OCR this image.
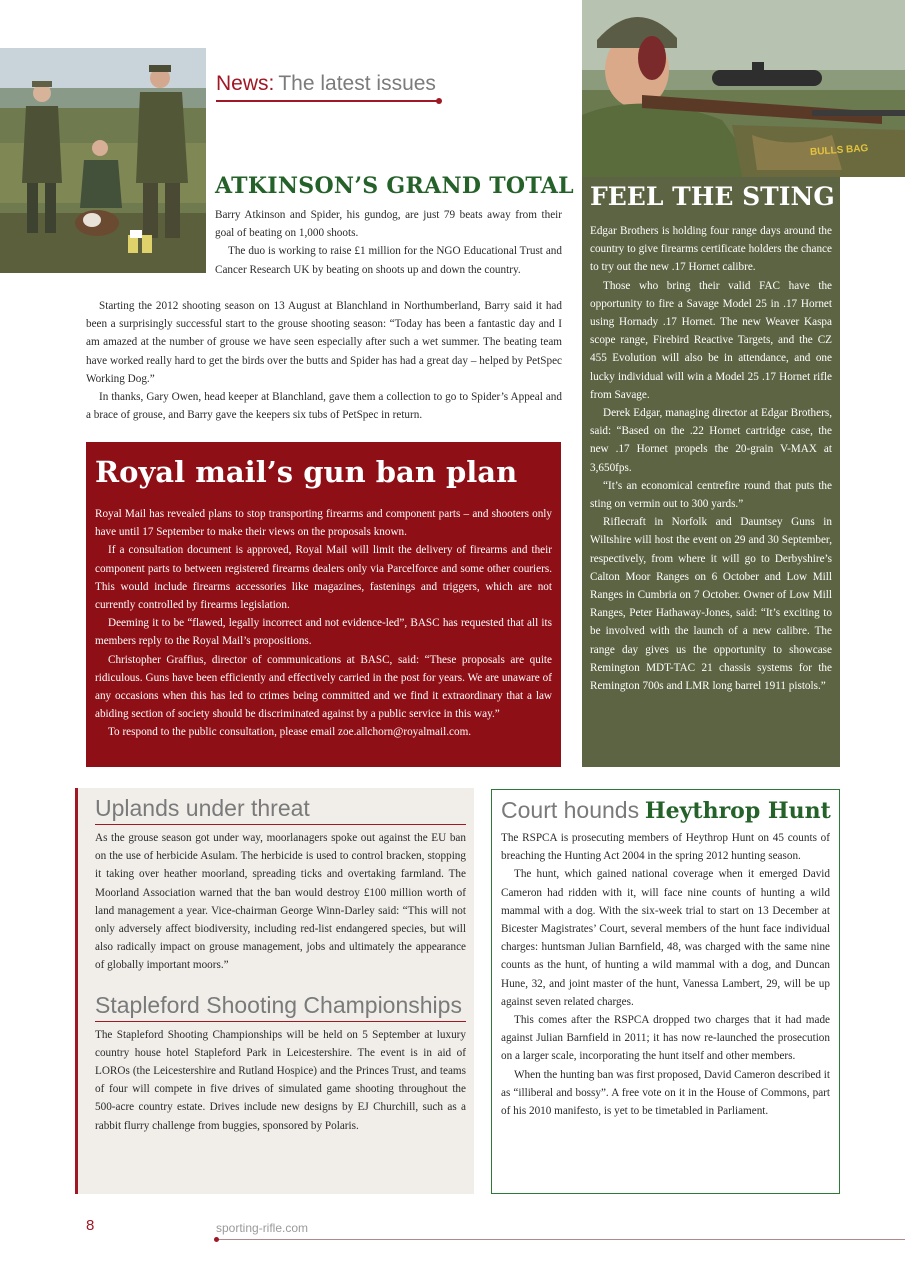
BULLS BAG
News: The latest issues
ATKINSON’S GRAND TOTAL

Barry Atkinson and Spider, his gundog, are just 79 beats away from their goal of beating on 1,000 shoots.

The duo is working to raise £1 million for the NGO Educational Trust and Cancer Research UK by beating on shoots up and down the country.

Starting the 2012 shooting season on 13 August at Blanchland in Northumberland, Barry said it had been a surprisingly successful start to the grouse shooting season: “Today has been a fantastic day and I am amazed at the number of grouse we have seen especially after such a wet summer. The beating team have worked really hard to get the birds over the butts and Spider has had a great day – helped by PetSpec Working Dog.”

In thanks, Gary Owen, head keeper at Blanchland, gave them a collection to go to Spider’s Appeal and a brace of grouse, and Barry gave the keepers six tubs of PetSpec in return.

Royal mail’s gun ban plan

Royal Mail has revealed plans to stop transporting firearms and component parts – and shooters only have until 17 September to make their views on the proposals known.

If a consultation document is approved, Royal Mail will limit the delivery of firearms and their component parts to between registered firearms dealers only via Parcelforce and some other couriers. This would include firearms accessories like magazines, fastenings and triggers, which are not currently controlled by firearms legislation.

Deeming it to be “flawed, legally incorrect and not evidence-led”, BASC has requested that all its members reply to the Royal Mail’s propositions.

Christopher Graffius, director of communications at BASC, said: “These proposals are quite ridiculous. Guns have been efficiently and effectively carried in the post for years. We are unaware of any occasions when this has led to crimes being committed and we find it extraordinary that a law abiding section of society should be discriminated against by a public service in this way.”

To respond to the public consultation, please email zoe.allchorn@royalmail.com.

FEEL THE STING

Edgar Brothers is holding four range days around the country to give firearms certificate holders the chance to try out the new .17 Hornet calibre.

Those who bring their valid FAC have the opportunity to fire a Savage Model 25 in .17 Hornet using Hornady .17 Hornet. The new Weaver Kaspa scope range, Firebird Reactive Targets, and the CZ 455 Evolution will also be in attendance, and one lucky individual will win a Model 25 .17 Hornet rifle from Savage.

Derek Edgar, managing director at Edgar Brothers, said: “Based on the .22 Hornet cartridge case, the new .17 Hornet propels the 20-grain V-MAX at 3,650fps.

“It’s an economical centrefire round that puts the sting on vermin out to 300 yards.”

Riflecraft in Norfolk and Dauntsey Guns in Wiltshire will host the event on 29 and 30 September, respectively, from where it will go to Derbyshire’s Calton Moor Ranges on 6 October and Low Mill Ranges in Cumbria on 7 October. Owner of Low Mill Ranges, Peter Hathaway-Jones, said: “It’s exciting to be involved with the launch of a new calibre. The range day gives us the opportunity to showcase Remington MDT-TAC 21 chassis systems for the Remington 700s and LMR long barrel 1911 pistols.”

Uplands under threat

As the grouse season got under way, moorlanagers spoke out against the EU ban on the use of herbicide Asulam. The herbicide is used to control bracken, stopping it taking over heather moorland, spreading ticks and overtaking farmland. The Moorland Association warned that the ban would destroy £100 million worth of land management a year. Vice-chairman George Winn-Darley said: “This will not only adversely affect biodiversity, including red-list endangered species, but will also radically impact on grouse management, jobs and ultimately the appearance of globally important moors.”

Stapleford Shooting Championships

The Stapleford Shooting Championships will be held on 5 September at luxury country house hotel Stapleford Park in Leicestershire. The event is in aid of LOROs (the Leicestershire and Rutland Hospice) and the Princes Trust, and teams of four will compete in five drives of simulated game shooting throughout the 500-acre country estate. Drives include new designs by EJ Churchill, such as a rabbit flurry challenge from buggies, sponsored by Polaris.

Court hounds Heythrop Hunt

The RSPCA is prosecuting members of Heythrop Hunt on 45 counts of breaching the Hunting Act 2004 in the spring 2012 hunting season.

The hunt, which gained national coverage when it emerged David Cameron had ridden with it, will face nine counts of hunting a wild mammal with a dog. With the six-week trial to start on 13 December at Bicester Magistrates’ Court, several members of the hunt face individual charges: huntsman Julian Barnfield, 48, was charged with the same nine counts as the hunt, of hunting a wild mammal with a dog, and Duncan Hune, 32, and joint master of the hunt, Vanessa Lambert, 29, will be up against seven related charges.

This comes after the RSPCA dropped two charges that it had made against Julian Barnfield in 2011; it has now re-launched the prosecution on a larger scale, incorporating the hunt itself and other members.

When the hunting ban was first proposed, David Cameron described it as “illiberal and bossy”. A free vote on it in the House of Commons, part of his 2010 manifesto, is yet to be timetabled in Parliament.

8	sporting-rifle.com
